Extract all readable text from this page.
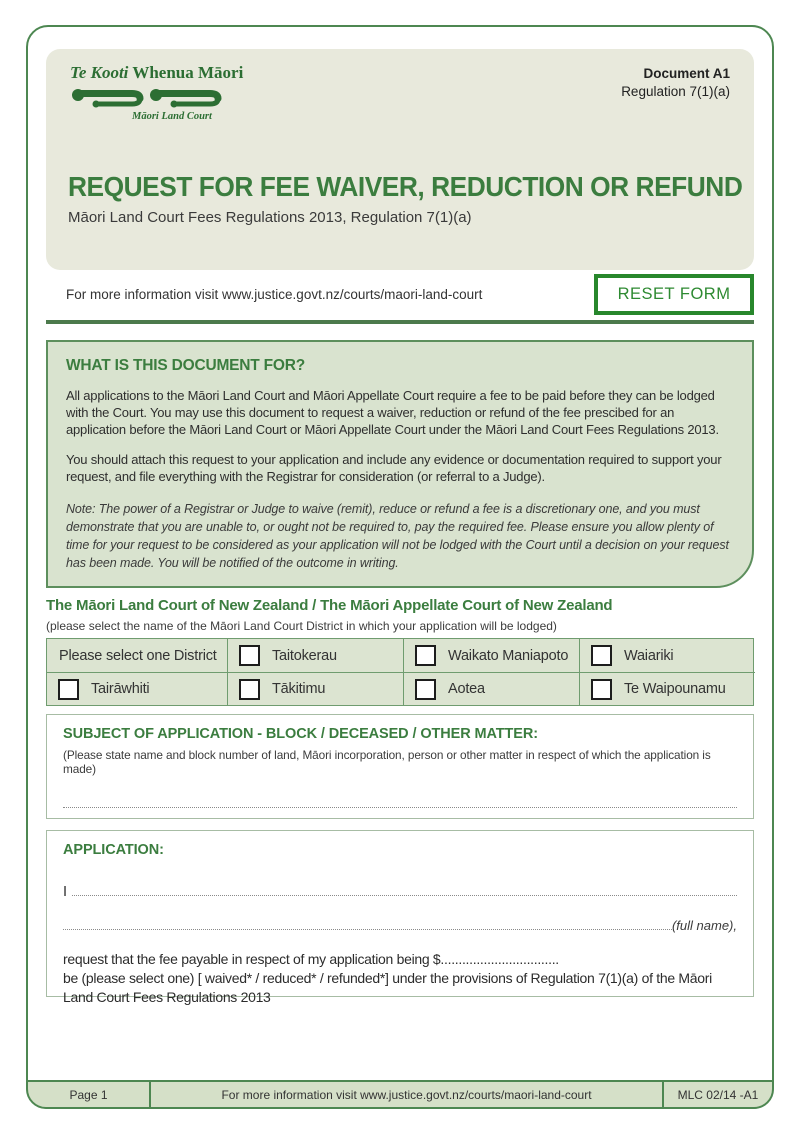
Te Kooti Whenua Māori
Māori Land Court
Document A1
Regulation 7(1)(a)
REQUEST FOR FEE WAIVER, REDUCTION OR REFUND
Māori Land Court Fees Regulations 2013, Regulation 7(1)(a)
For more information visit www.justice.govt.nz/courts/maori-land-court	RESET FORM
WHAT IS THIS DOCUMENT FOR?
All applications to the Māori Land Court and Māori Appellate Court require a fee to be paid before they can be lodged with the Court. You may use this document to request a waiver, reduction or refund of the fee prescibed for an application before the Māori Land Court or Māori Appellate Court under the Māori Land Court Fees Regulations 2013.
You should attach this request to your application and include any evidence or documentation required to support your request, and file everything with the Registrar for consideration (or referral to a Judge).
Note: The power of a Registrar or Judge to waive (remit), reduce or refund a fee is a discretionary one, and you must demonstrate that you are unable to, or ought not be required to, pay the required fee. Please ensure you allow plenty of time for your request to be considered as your application will not be lodged with the Court until a decision on your request has been made. You will be notified of the outcome in writing.
The Māori Land Court of New Zealand / The Māori Appellate Court of New Zealand
(please select the name of the Māori Land Court District in which your application will be lodged)
Please select one District	Taitokerau	Waikato Maniapoto	Waiariki
Tairāwhiti	Tākitimu	Aotea	Te Waipounamu
SUBJECT OF APPLICATION - BLOCK / DECEASED / OTHER MATTER:
(Please state name and block number of land, Māori incorporation, person or other matter in respect of which the application is made)
APPLICATION:
I
(full name),
request that the fee payable in respect of my application being $.................................
be (please select one) [ waived* / reduced* / refunded*] under the provisions of Regulation 7(1)(a) of the Māori Land Court Fees Regulations 2013
Page 1	For more information visit www.justice.govt.nz/courts/maori-land-court	MLC 02/14 -A1
